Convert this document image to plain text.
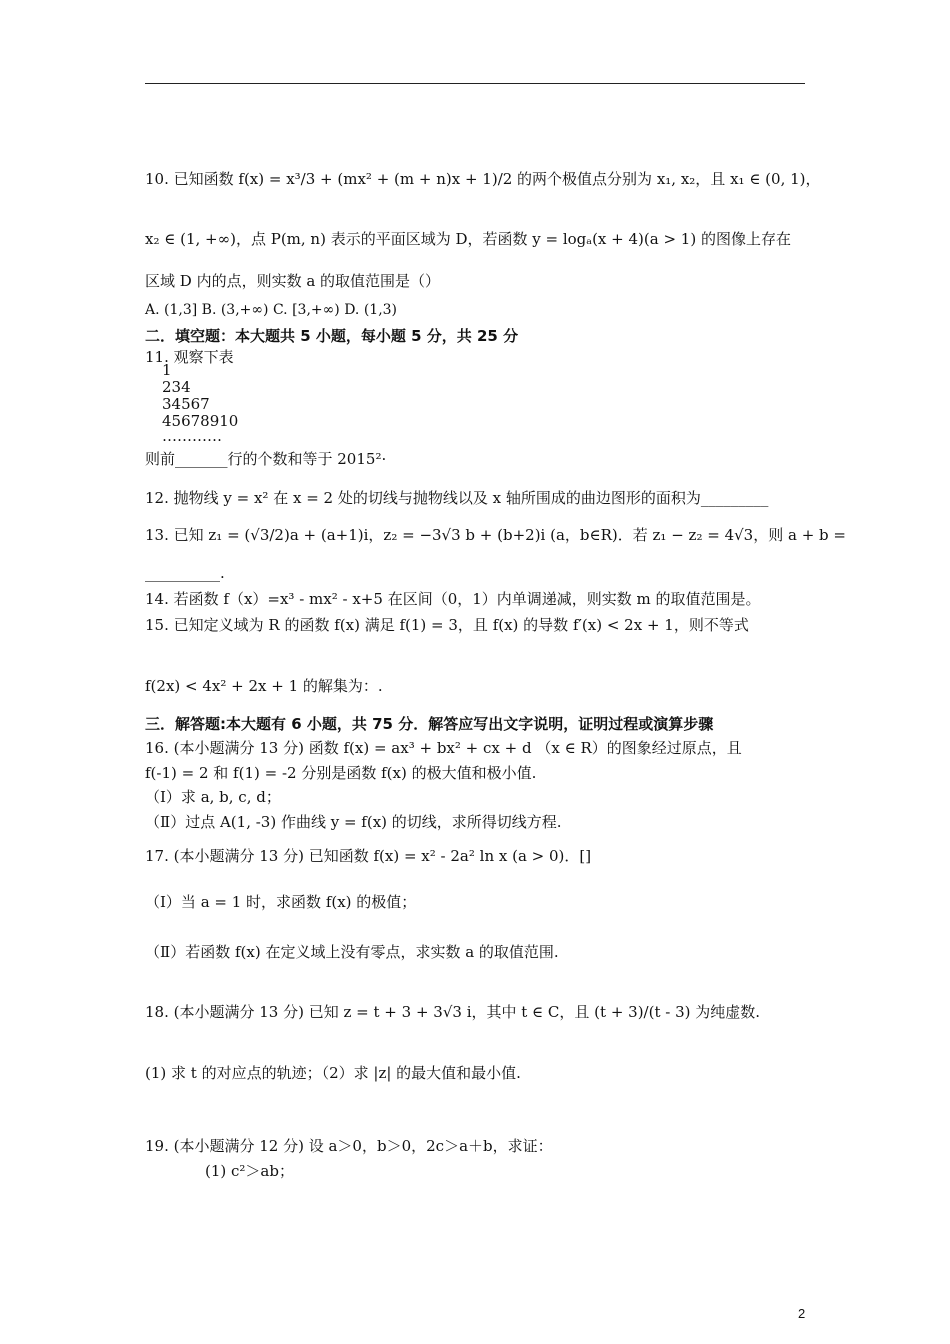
10. 已知函数 f(x) = x³/3 + (mx² + (m + n)x + 1)/2 的两个极值点分别为 x₁, x₂，且 x₁ ∈ (0, 1)，
x₂ ∈ (1, +∞)，点 P(m, n) 表示的平面区域为 D，若函数 y = logₐ(x + 4)(a > 1) 的图像上存在
区域 D 内的点，则实数 a 的取值范围是（）
A. (1,3] B. (3,+∞) C. [3,+∞) D. (1,3)
二．填空题：本大题共 5 小题，每小题 5 分，共 25 分
11. 观察下表
1
234
34567
45678910
…………
则前_______行的个数和等于 2015²·
12. 抛物线 y = x² 在 x = 2 处的切线与抛物线以及 x 轴所围成的曲边图形的面积为_________
13. 已知 z₁ = (√3/2)a + (a+1)i，z₂ = −3√3 b + (b+2)i (a，b∈R)．若 z₁ − z₂ = 4√3，则 a + b =
__________.
14. 若函数 f（x）=x³ - mx² - x+5 在区间（0，1）内单调递减，则实数 m 的取值范围是。
15. 已知定义域为 R 的函数 f(x) 满足 f(1) = 3，且 f(x) 的导数 f′(x) < 2x + 1，则不等式
f(2x) < 4x² + 2x + 1 的解集为：.
三．解答题:本大题有 6 小题，共 75 分．解答应写出文字说明，证明过程或演算步骤
16. (本小题满分 13 分) 函数 f(x) = ax³ + bx² + cx + d （x ∈ R）的图象经过原点，且
f(-1) = 2 和 f(1) = -2 分别是函数 f(x) 的极大值和极小值.
（Ⅰ）求 a, b, c, d；
（Ⅱ）过点 A(1, -3) 作曲线 y = f(x) 的切线，求所得切线方程.
17. (本小题满分 13 分) 已知函数 f(x) = x² - 2a² ln x (a > 0)．[]
（Ⅰ）当 a = 1 时，求函数 f(x) 的极值；
（Ⅱ）若函数 f(x) 在定义域上没有零点，求实数 a 的取值范围.
18. (本小题满分 13 分) 已知 z = t + 3 + 3√3 i，其中 t ∈ C，且 (t + 3)/(t - 3) 为纯虚数.
(1) 求 t 的对应点的轨迹；（2）求 |z| 的最大值和最小值.
19. (本小题满分 12 分) 设 a＞0，b＞0，2c＞a＋b，求证：
(1) c²＞ab；
2
